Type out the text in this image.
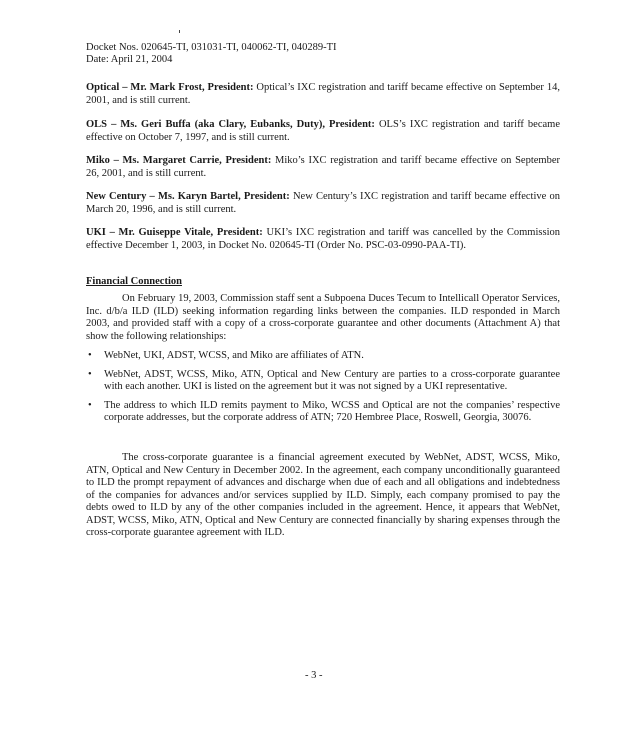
Docket Nos. 020645-TI, 031031-TI, 040062-TI, 040289-TI
Date: April 21, 2004

Optical – Mr. Mark Frost, President: Optical’s IXC registration and tariff became effective on September 14, 2001, and is still current.

OLS – Ms. Geri Buffa (aka Clary, Eubanks, Duty), President: OLS’s IXC registration and tariff became effective on October 7, 1997, and is still current.

Miko – Ms. Margaret Carrie, President: Miko’s IXC registration and tariff became effective on September 26, 2001, and is still current.

New Century – Ms. Karyn Bartel, President: New Century’s IXC registration and tariff became effective on March 20, 1996, and is still current.

UKI – Mr. Guiseppe Vitale, President: UKI’s IXC registration and tariff was cancelled by the Commission effective December 1, 2003, in Docket No. 020645-TI (Order No. PSC-03-0990-PAA-TI).

Financial Connection

On February 19, 2003, Commission staff sent a Subpoena Duces Tecum to Intellicall Operator Services, Inc. d/b/a ILD (ILD) seeking information regarding links between the companies. ILD responded in March 2003, and provided staff with a copy of a cross-corporate guarantee and other documents (Attachment A) that show the following relationships:

• WebNet, UKI, ADST, WCSS, and Miko are affiliates of ATN.
• WebNet, ADST, WCSS, Miko, ATN, Optical and New Century are parties to a cross-corporate guarantee with each another. UKI is listed on the agreement but it was not signed by a UKI representative.
• The address to which ILD remits payment to Miko, WCSS and Optical are not the companies’ respective corporate addresses, but the corporate address of ATN; 720 Hembree Place, Roswell, Georgia, 30076.

The cross-corporate guarantee is a financial agreement executed by WebNet, ADST, WCSS, Miko, ATN, Optical and New Century in December 2002. In the agreement, each company unconditionally guaranteed to ILD the prompt repayment of advances and discharge when due of each and all obligations and indebtedness of the companies for advances and/or services supplied by ILD. Simply, each company promised to pay the debts owed to ILD by any of the other companies included in the agreement. Hence, it appears that WebNet, ADST, WCSS, Miko, ATN, Optical and New Century are connected financially by sharing expenses through the cross-corporate guarantee agreement with ILD.

- 3 -
